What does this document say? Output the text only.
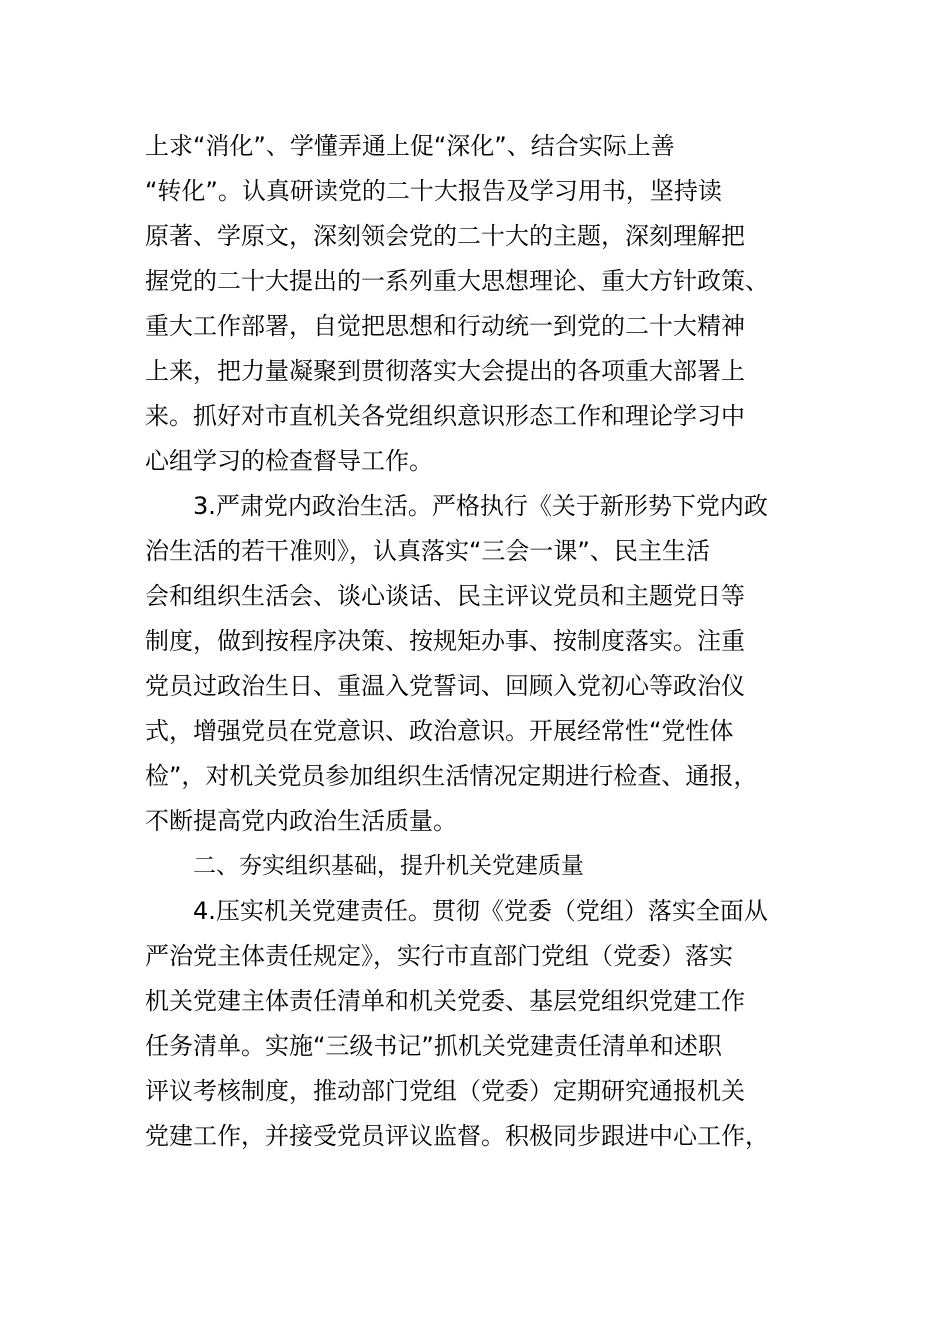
上求“消化”、学懂弄通上促“深化”、结合实际上善
“转化”。认真研读党的二十大报告及学习用书，坚持读
原著、学原文，深刻领会党的二十大的主题，深刻理解把
握党的二十大提出的一系列重大思想理论、重大方针政策、
重大工作部署，自觉把思想和行动统一到党的二十大精神
上来，把力量凝聚到贯彻落实大会提出的各项重大部署上
来。抓好对市直机关各党组织意识形态工作和理论学习中
心组学习的检查督导工作。
3.严肃党内政治生活。严格执行《关于新形势下党内政
治生活的若干准则》，认真落实“三会一课”、民主生活
会和组织生活会、谈心谈话、民主评议党员和主题党日等
制度，做到按程序决策、按规矩办事、按制度落实。注重
党员过政治生日、重温入党誓词、回顾入党初心等政治仪
式，增强党员在党意识、政治意识。开展经常性“党性体
检”，对机关党员参加组织生活情况定期进行检查、通报，
不断提高党内政治生活质量。
二、夯实组织基础，提升机关党建质量
4.压实机关党建责任。贯彻《党委（党组）落实全面从
严治党主体责任规定》，实行市直部门党组（党委）落实
机关党建主体责任清单和机关党委、基层党组织党建工作
任务清单。实施“三级书记”抓机关党建责任清单和述职
评议考核制度，推动部门党组（党委）定期研究通报机关
党建工作，并接受党员评议监督。积极同步跟进中心工作，
